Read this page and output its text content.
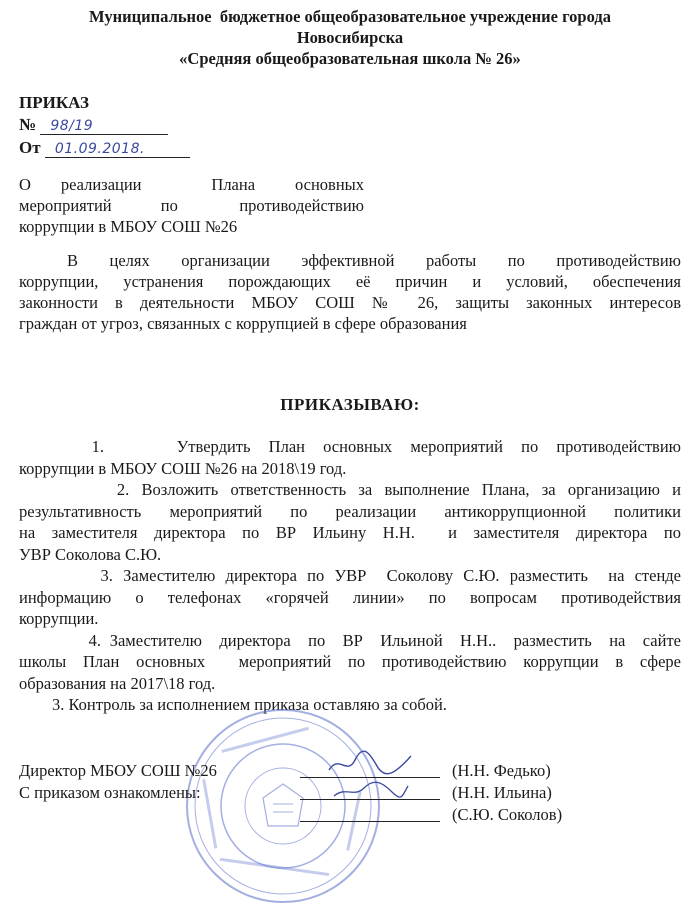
Муниципальное  бюджетное общеобразовательное учреждение города
Новосибирска
«Средняя общеобразовательная школа № 26»
ПРИКАЗ
№ 98/19
От 01.09.2018.
О   реализации       Плана    основных
мероприятий    по     противодействию
коррупции в МБОУ СОШ №26
В целях организации эффективной работы по противодействию
коррупции, устранения порождающих её причин и условий, обеспечения
законности в деятельности МБОУ СОШ № 26, защиты законных интересов
граждан от угроз, связанных с коррупцией в сфере образования
ПРИКАЗЫВАЮ:
1.        Утвердить  План  основных  мероприятий  по  противодействию
коррупции в МБОУ СОШ №26 на 2018\19 год.
2. Возложить ответственность за выполнение Плана, за организацию и
результативность мероприятий по реализации антикоррупционной политики
на заместителя директора по ВР Ильину Н.Н.  и заместителя директора по
УВР Соколова С.Ю.
3. Заместителю директора по УВР  Соколову С.Ю. разместить  на стенде
информацию о телефонах «горячей линии» по вопросам противодействия
коррупции.
4. Заместителю  директора  по  ВР  Ильиной  Н.Н..  разместить  на  сайте
школы План основных  мероприятий по противодействию коррупции в сфере
образования на 2017\18 год.
3. Контроль за исполнением приказа оставляю за собой.
Директор МБОУ СОШ №26	(Н.Н. Федько)
С приказом ознакомлены:	(Н.Н. Ильина)
(С.Ю. Соколов)
